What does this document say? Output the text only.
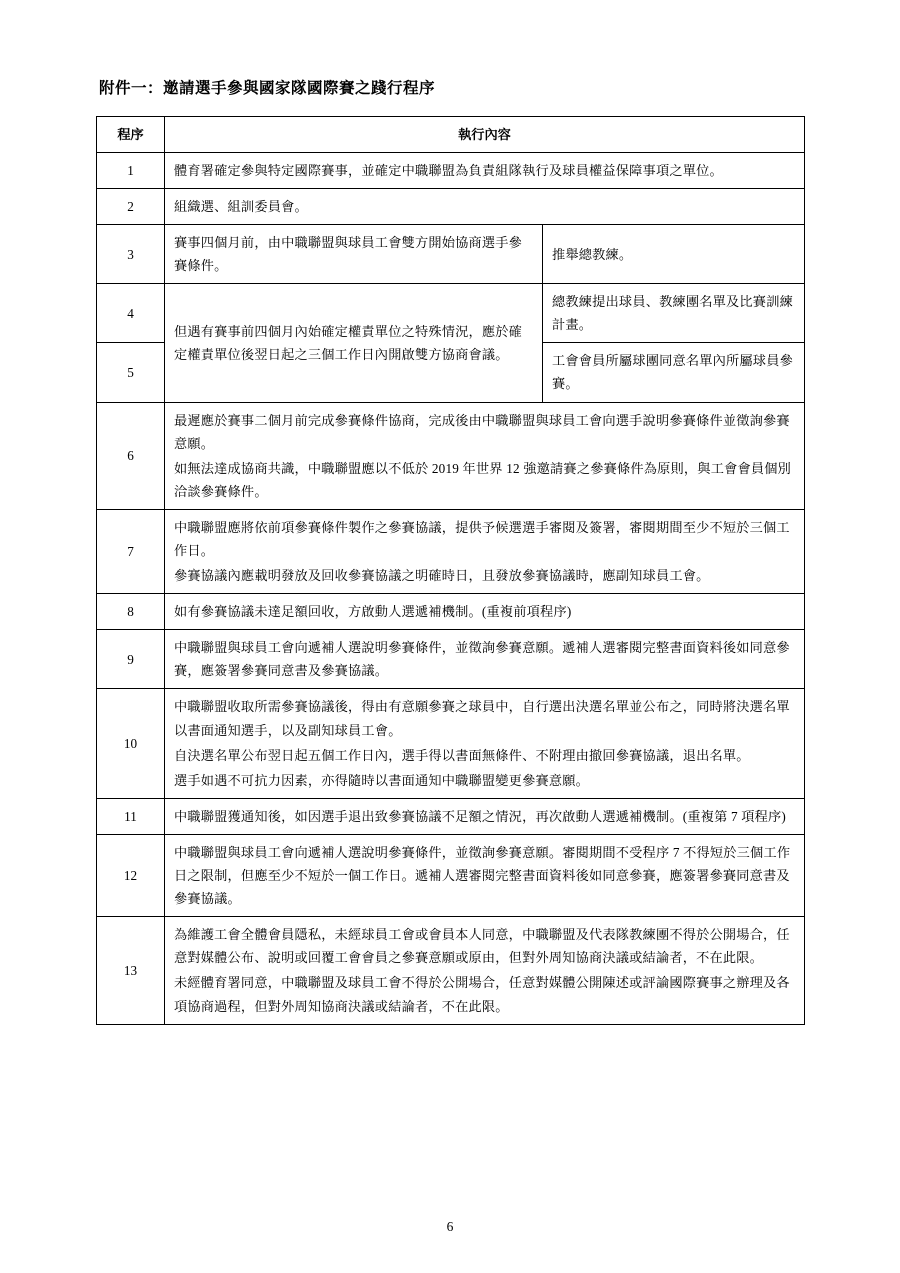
附件一：邀請選手參與國家隊國際賽之踐行程序
程序	執行內容	
1	體育署確定參與特定國際賽事，並確定中職聯盟為負責組隊執行及球員權益保障事項之單位。	

2	組織選、組訓委員會。	

3	賽事四個月前，由中職聯盟與球員工會雙方開始協商選手參賽條件。	推舉總教練。

4	但遇有賽事前四個月內始確定權責單位之特殊情況，應於確定權責單位後翌日起之三個工作日內開啟雙方協商會議。	總教練提出球員、教練團名單及比賽訓練計畫。

5		工會會員所屬球團同意名單內所屬球員參賽。

6	最遲應於賽事二個月前完成參賽條件協商，完成後由中職聯盟與球員工會向選手說明參賽條件並徵詢參賽意願。

如無法達成協商共識，中職聯盟應以不低於 2019 年世界 12 強邀請賽之參賽條件為原則，與工會會員個別洽談參賽條件。	

7	中職聯盟應將依前項參賽條件製作之參賽協議，提供予候選選手審閱及簽署，審閱期間至少不短於三個工作日。

參賽協議內應載明發放及回收參賽協議之明確時日，且發放參賽協議時，應副知球員工會。	

8	如有參賽協議未達足額回收，方啟動人選遞補機制。(重複前項程序)	

9	中職聯盟與球員工會向遞補人選說明參賽條件，並徵詢參賽意願。遞補人選審閱完整書面資料後如同意參賽，應簽署參賽同意書及參賽協議。	

10	中職聯盟收取所需參賽協議後，得由有意願參賽之球員中，自行選出決選名單並公布之，同時將決選名單以書面通知選手，以及副知球員工會。

自決選名單公布翌日起五個工作日內，選手得以書面無條件、不附理由撤回參賽協議，退出名單。

選手如遇不可抗力因素，亦得隨時以書面通知中職聯盟變更參賽意願。	

11	中職聯盟獲通知後，如因選手退出致參賽協議不足額之情況，再次啟動人選遞補機制。(重複第 7 項程序)	

12	中職聯盟與球員工會向遞補人選說明參賽條件，並徵詢參賽意願。審閱期間不受程序 7 不得短於三個工作日之限制，但應至少不短於一個工作日。遞補人選審閱完整書面資料後如同意參賽，應簽署參賽同意書及參賽協議。	

13	為維護工會全體會員隱私，未經球員工會或會員本人同意，中職聯盟及代表隊教練團不得於公開場合，任意對媒體公布、說明或回覆工會會員之參賽意願或原由，但對外周知協商決議或結論者，不在此限。

未經體育署同意，中職聯盟及球員工會不得於公開場合，任意對媒體公開陳述或評論國際賽事之辦理及各項協商過程，但對外周知協商決議或結論者，不在此限。	

6
